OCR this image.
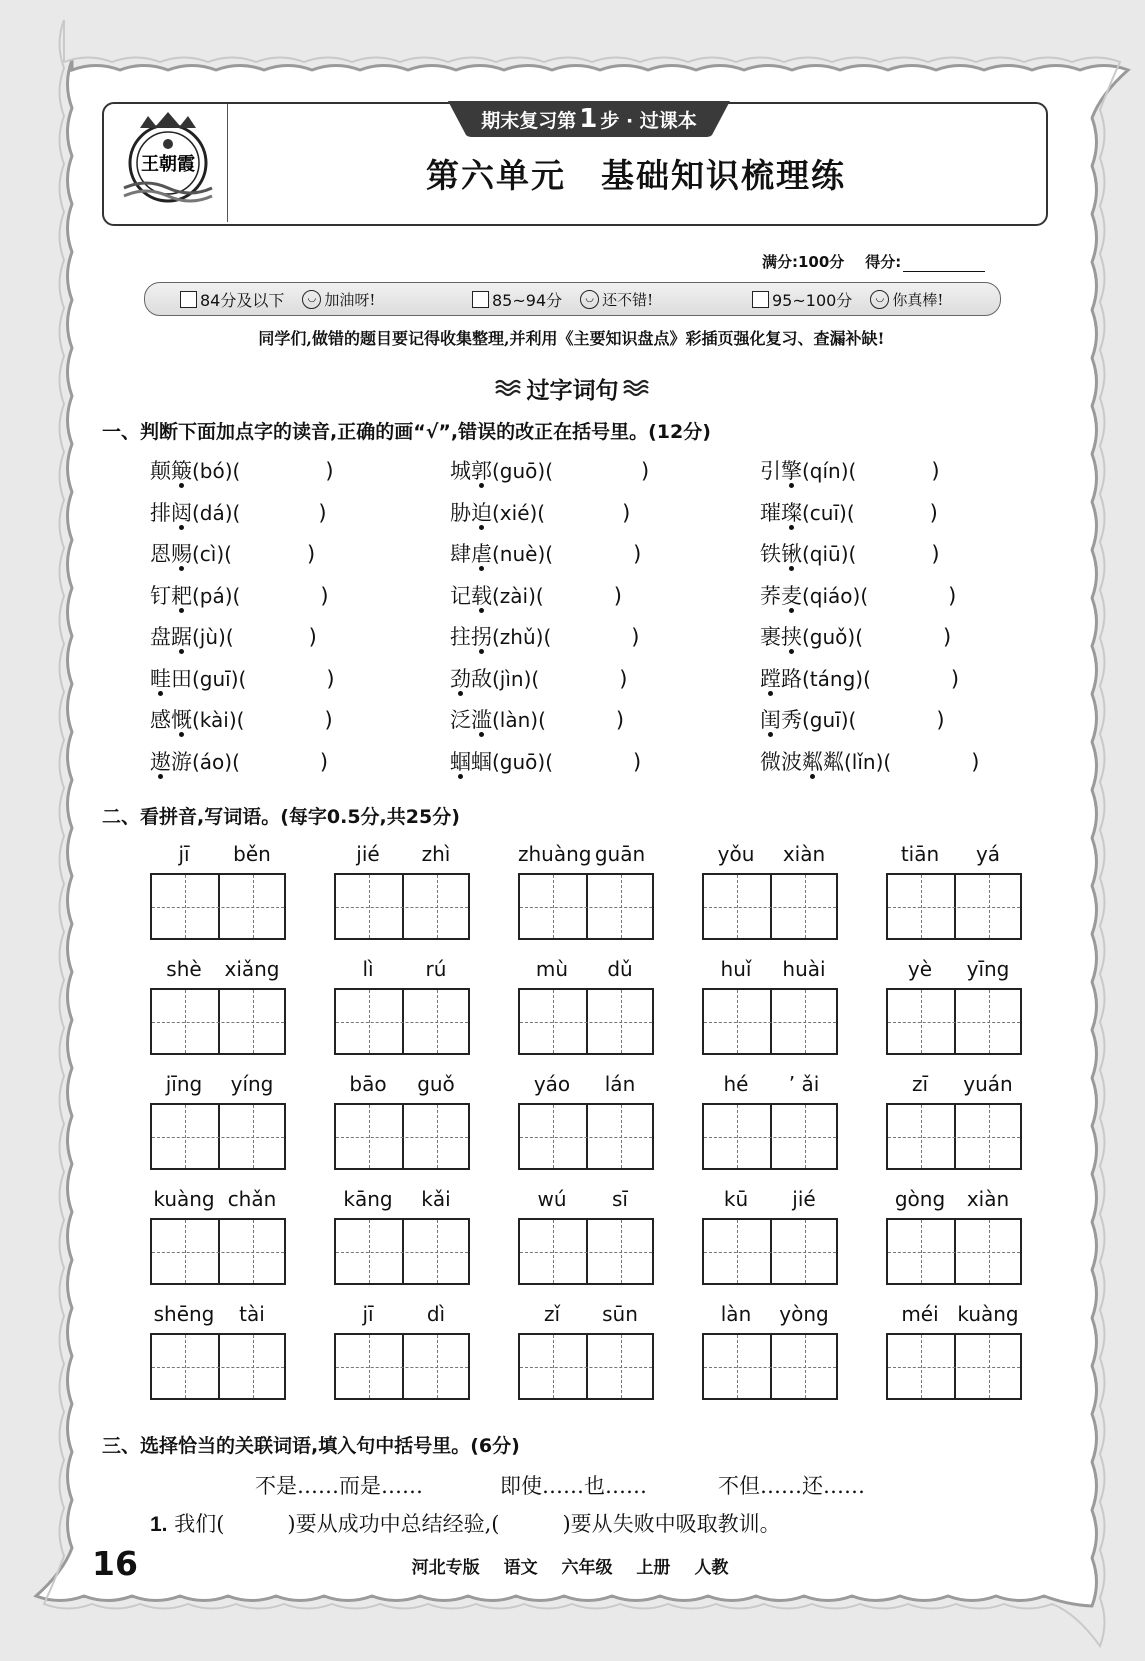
王朝霞
期末复习第 1 步 · 过课本
第六单元　基础知识梳理练
满分:100分 得分:
84分及以下	◡ 加油呀!	85~94分	◡ 还不错!	95~100分	◡ 你真棒!
同学们,做错的题目要记得收集整理,并利用《主要知识盘点》彩插页强化复习、查漏补缺!
过字词句
一、判断下面加点字的读音,正确的画“√”,错误的改正在括号里。(12分)
颠簸(bó)(	)	城郭(guō)(	)	引擎(qín)(	)
排闼(dá)(	)	胁迫(xié)(	)	璀璨(cuī)(	)
恩赐(cì)(	)	肆虐(nuè)(	)	铁锹(qiū)(	)
钉耙(pá)(	)	记载(zài)(	)	荞麦(qiáo)(	)
盘踞(jù)(	)	拄拐(zhǔ)(	)	裹挟(guǒ)(	)
畦田(guī)(	)	劲敌(jìn)(	)	蹚路(táng)(	)
感慨(kài)(	)	泛滥(làn)(	)	闺秀(guī)(	)
遨游(áo)(	)	蝈蝈(guō)(	)	微波粼粼(lǐn)(	)
二、看拼音,写词语。(每字0.5分,共25分)
jī	běn	jié	zhì	zhuàng guān	yǒu	xiàn	tiān	yá
shè	xiǎng	lì	rú	mù	dǔ	huǐ	huài	yè	yīng
jīng	yíng	bāo	guǒ	yáo	lán	hé	’ ǎi	zī	yuán
kuàng chǎn	kāng	kǎi	wú	sī	kū	jié	gòng	xiàn
shēng	tài	jī	dì	zǐ	sūn	làn	yòng	méi kuàng
三、选择恰当的关联词语,填入句中括号里。(6分)
不是……而是……	即使……也……	不但……还……
1. 我们(　　　)要从成功中总结经验,(　　　)要从失败中吸取教训。
16	河北专版 语文 六年级 上册 人教
